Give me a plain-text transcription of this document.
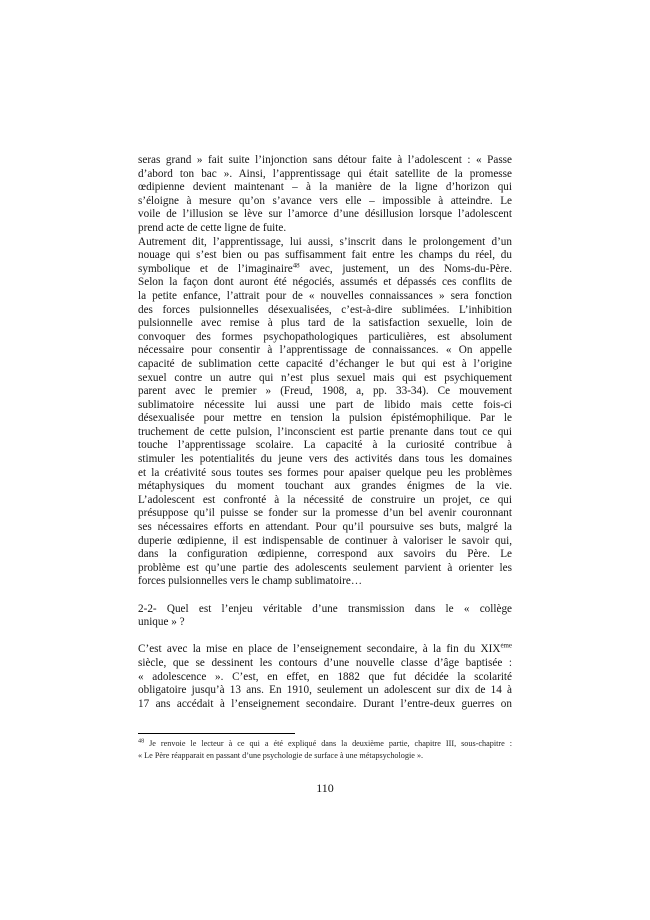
seras grand » fait suite l’injonction sans détour faite à l’adolescent : « Passe
d’abord ton bac ». Ainsi, l’apprentissage qui était satellite de la promesse
œdipienne devient maintenant – à la manière de la ligne d’horizon qui
s’éloigne à mesure qu’on s’avance vers elle – impossible à atteindre. Le
voile de l’illusion se lève sur l’amorce d’une désillusion lorsque l’adolescent
prend acte de cette ligne de fuite.
Autrement dit, l’apprentissage, lui aussi, s’inscrit dans le prolongement d’un
nouage qui s’est bien ou pas suffisamment fait entre les champs du réel, du
symbolique et de l’imaginaire$^{48}$ avec, justement, un des Noms-du-Père.
Selon la façon dont auront été négociés, assumés et dépassés ces conflits de
la petite enfance, l’attrait pour de « nouvelles connaissances » sera fonction
des forces pulsionnelles désexualisées, c’est-à-dire sublimées. L’inhibition
pulsionnelle avec remise à plus tard de la satisfaction sexuelle, loin de
convoquer des formes psychopathologiques particulières, est absolument
nécessaire pour consentir à l’apprentissage de connaissances. « On appelle
capacité de sublimation cette capacité d’échanger le but qui est à l’origine
sexuel contre un autre qui n’est plus sexuel mais qui est psychiquement
parent avec le premier » (Freud, 1908, a, pp. 33-34). Ce mouvement
sublimatoire nécessite lui aussi une part de libido mais cette fois-ci
désexualisée pour mettre en tension la pulsion épistémophilique. Par le
truchement de cette pulsion, l’inconscient est partie prenante dans tout ce qui
touche l’apprentissage scolaire. La capacité à la curiosité contribue à
stimuler les potentialités du jeune vers des activités dans tous les domaines
et la créativité sous toutes ses formes pour apaiser quelque peu les problèmes
métaphysiques du moment touchant aux grandes énigmes de la vie.
L’adolescent est confronté à la nécessité de construire un projet, ce qui
présuppose qu’il puisse se fonder sur la promesse d’un bel avenir couronnant
ses nécessaires efforts en attendant. Pour qu’il poursuive ses buts, malgré la
duperie œdipienne, il est indispensable de continuer à valoriser le savoir qui,
dans la configuration œdipienne, correspond aux savoirs du Père. Le
problème est qu’une partie des adolescents seulement parvient à orienter les
forces pulsionnelles vers le champ sublimatoire…
2-2- Quel est l’enjeu véritable d’une transmission dans le « collège
unique » ?
C’est avec la mise en place de l’enseignement secondaire, à la fin du XIXème
siècle, que se dessinent les contours d’une nouvelle classe d’âge baptisée :
« adolescence ». C’est, en effet, en 1882 que fut décidée la scolarité
obligatoire jusqu’à 13 ans. En 1910, seulement un adolescent sur dix de 14 à
17 ans accédait à l’enseignement secondaire. Durant l’entre-deux guerres on
$^{48}$ Je renvoie le lecteur à ce qui a été expliqué dans la deuxième partie, chapitre III, sous-chapitre :
« Le Père réapparait en passant d’une psychologie de surface à une métapsychologie ».
110
